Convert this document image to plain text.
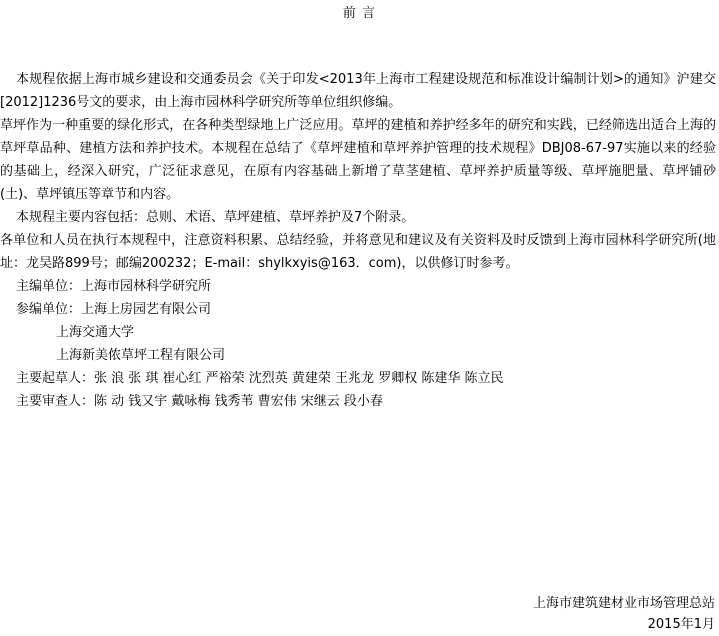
前 言

本规程依据上海市城乡建设和交通委员会《关于印发<2013年上海市工程建设规范和标准设计编制计划>的通知》沪建交[2012]1236号文的要求，由上海市园林科学研究所等单位组织修编。

草坪作为一种重要的绿化形式，在各种类型绿地上广泛应用。草坪的建植和养护经多年的研究和实践，已经筛选出适合上海的草坪草品种、建植方法和养护技术。本规程在总结了《草坪建植和草坪养护管理的技术规程》DBJ08-67-97实施以来的经验的基础上，经深入研究，广泛征求意见，在原有内容基础上新增了草茎建植、草坪养护质量等级、草坪施肥量、草坪铺砂(土)、草坪镇压等章节和内容。

本规程主要内容包括：总则、术语、草坪建植、草坪养护及7个附录。

各单位和人员在执行本规程中，注意资料积累、总结经验，并将意见和建议及有关资料及时反馈到上海市园林科学研究所(地址：龙吴路899号；邮编200232；E-mail：shylkxyis@163．com)，以供修订时参考。

主编单位：上海市园林科学研究所
参编单位：上海上房园艺有限公司
上海交通大学
上海新美侬草坪工程有限公司
主要起草人：张 浪 张 琪 崔心红 严裕荣 沈烈英 黄建荣 王兆龙 罗卿权 陈建华 陈立民
主要审查人：陈 动 钱又宇 戴咏梅 钱秀苇 曹宏伟 宋继云 段小春
上海市建筑建材业市场管理总站
2015年1月
